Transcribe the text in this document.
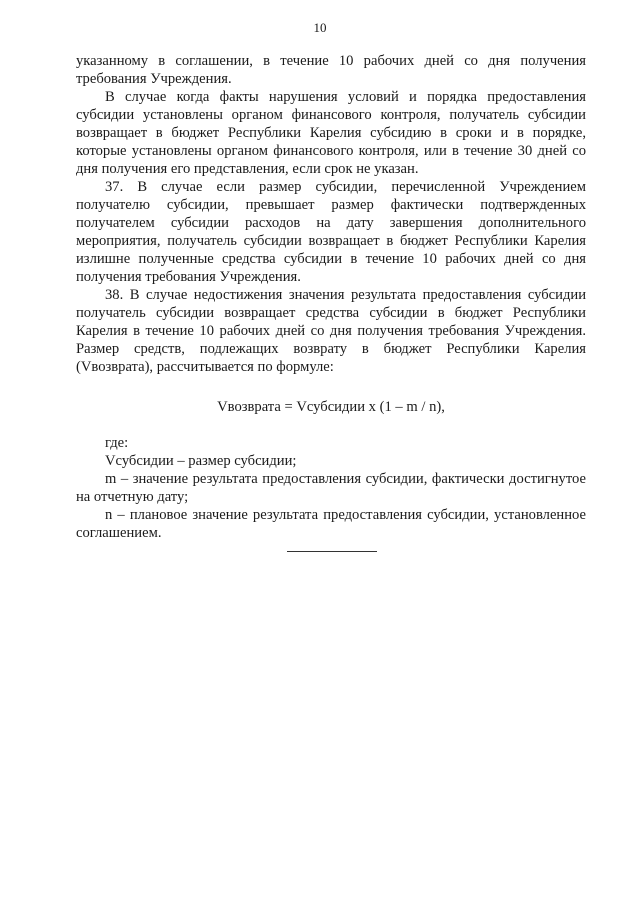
10

указанному в соглашении, в течение 10 рабочих дней со дня получения требования Учреждения.

В случае когда факты нарушения условий и порядка предоставления субсидии установлены органом финансового контроля, получатель субсидии возвращает в бюджет Республики Карелия субсидию в сроки и в порядке, которые установлены органом финансового контроля, или в течение 30 дней со дня получения его представления, если срок не указан.

37. В случае если размер субсидии, перечисленной Учреждением получателю субсидии, превышает размер фактически подтвержденных получателем субсидии расходов на дату завершения дополнительного мероприятия, получатель субсидии возвращает в бюджет Республики Карелия излишне полученные средства субсидии в течение 10 рабочих дней со дня получения требования Учреждения.

38. В случае недостижения значения результата предоставления субсидии получатель субсидии возвращает средства субсидии в бюджет Республики Карелия в течение 10 рабочих дней со дня получения требования Учреждения. Размер средств, подлежащих возврату в бюджет Республики Карелия (Vвозврата), рассчитывается по формуле:

Vвозврата = Vсубсидии x (1 – m / n),

где:

Vсубсидии – размер субсидии;

m – значение результата предоставления субсидии, фактически достигнутое на отчетную дату;

n – плановое значение результата предоставления субсидии, установленное соглашением.
